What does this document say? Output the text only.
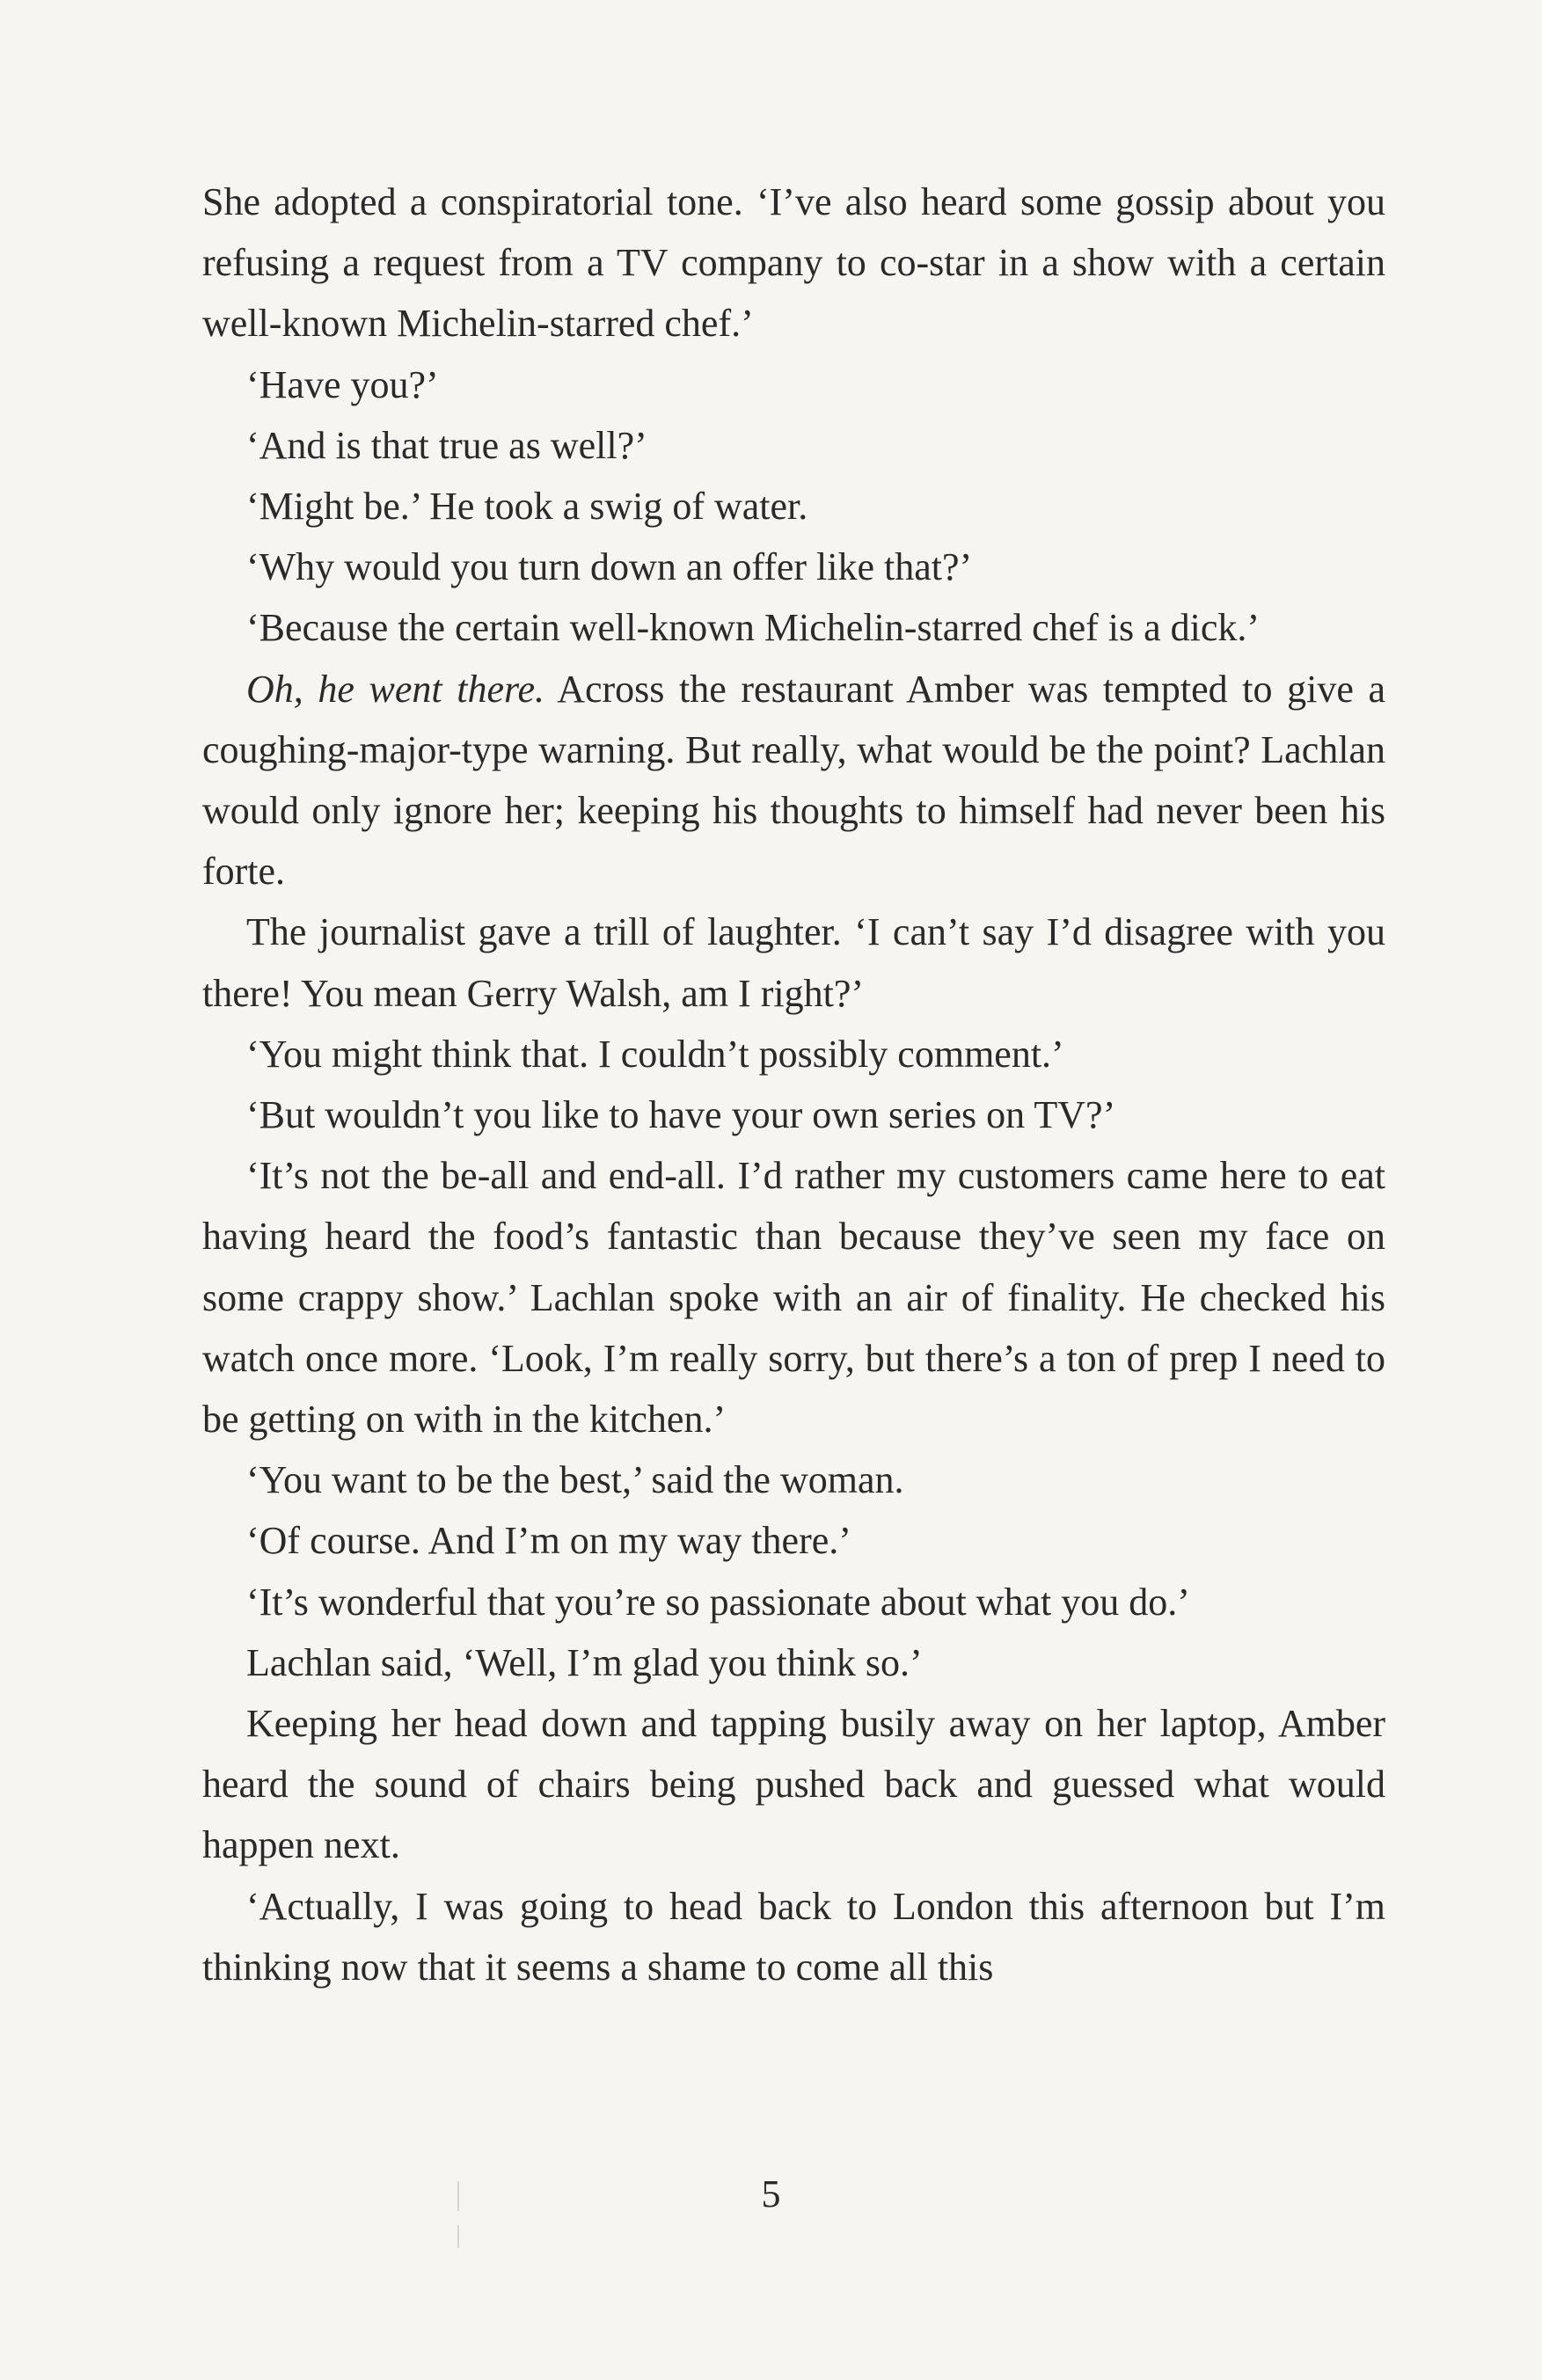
She adopted a conspiratorial tone. ‘I’ve also heard some gossip about you refusing a request from a TV company to co-star in a show with a certain well-known Michelin-starred chef.’

‘Have you?’

‘And is that true as well?’

‘Might be.’ He took a swig of water.

‘Why would you turn down an offer like that?’

‘Because the certain well-known Michelin-starred chef is a dick.’

Oh, he went there. Across the restaurant Amber was tempted to give a coughing-major-type warning. But really, what would be the point? Lachlan would only ignore her; keeping his thoughts to himself had never been his forte.

The journalist gave a trill of laughter. ‘I can’t say I’d disagree with you there! You mean Gerry Walsh, am I right?’

‘You might think that. I couldn’t possibly comment.’

‘But wouldn’t you like to have your own series on TV?’

‘It’s not the be-all and end-all. I’d rather my customers came here to eat having heard the food’s fantastic than because they’ve seen my face on some crappy show.’ Lachlan spoke with an air of finality. He checked his watch once more. ‘Look, I’m really sorry, but there’s a ton of prep I need to be getting on with in the kitchen.’

‘You want to be the best,’ said the woman.

‘Of course. And I’m on my way there.’

‘It’s wonderful that you’re so passionate about what you do.’

Lachlan said, ‘Well, I’m glad you think so.’

Keeping her head down and tapping busily away on her laptop, Amber heard the sound of chairs being pushed back and guessed what would happen next.

‘Actually, I was going to head back to London this afternoon but I’m thinking now that it seems a shame to come all this

5
